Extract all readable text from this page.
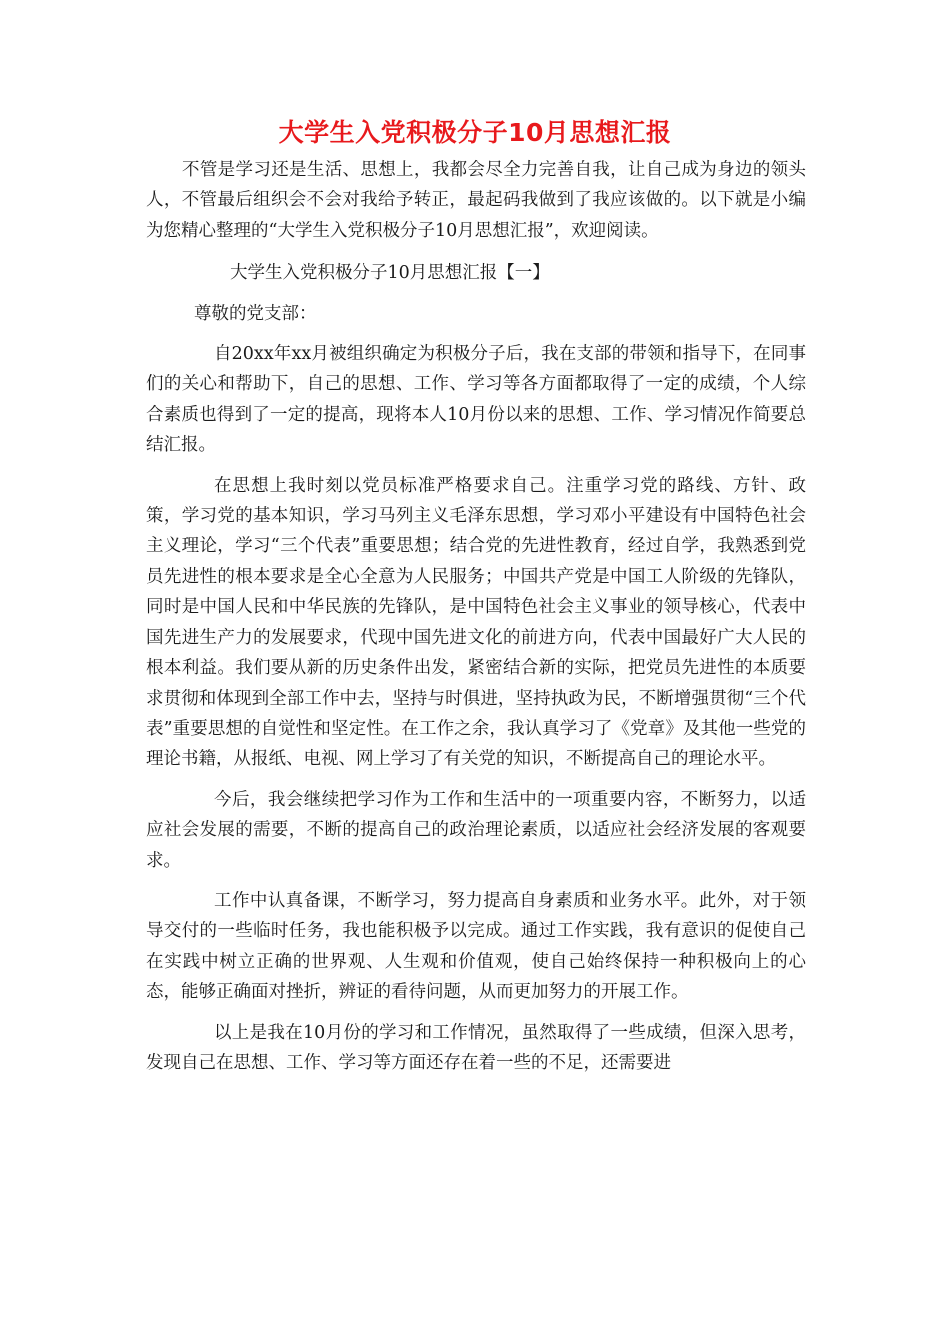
大学生入党积极分子10月思想汇报

不管是学习还是生活、思想上，我都会尽全力完善自我，让自己成为身边的领头人，不管最后组织会不会对我给予转正，最起码我做到了我应该做的。以下就是小编为您精心整理的“大学生入党积极分子10月思想汇报”，欢迎阅读。

大学生入党积极分子10月思想汇报【一】

尊敬的党支部：

自20xx年xx月被组织确定为积极分子后，我在支部的带领和指导下，在同事们的关心和帮助下，自己的思想、工作、学习等各方面都取得了一定的成绩，个人综合素质也得到了一定的提高，现将本人10月份以来的思想、工作、学习情况作简要总结汇报。

在思想上我时刻以党员标准严格要求自己。注重学习党的路线、方针、政策，学习党的基本知识，学习马列主义毛泽东思想，学习邓小平建设有中国特色社会主义理论，学习“三个代表”重要思想；结合党的先进性教育，经过自学，我熟悉到党员先进性的根本要求是全心全意为人民服务；中国共产党是中国工人阶级的先锋队，同时是中国人民和中华民族的先锋队，是中国特色社会主义事业的领导核心，代表中国先进生产力的发展要求，代现中国先进文化的前进方向，代表中国最好广大人民的根本利益。我们要从新的历史条件出发，紧密结合新的实际，把党员先进性的本质要求贯彻和体现到全部工作中去，坚持与时俱进，坚持执政为民，不断增强贯彻“三个代表”重要思想的自觉性和坚定性。在工作之余，我认真学习了《党章》及其他一些党的理论书籍，从报纸、电视、网上学习了有关党的知识，不断提高自己的理论水平。

今后，我会继续把学习作为工作和生活中的一项重要内容，不断努力，以适应社会发展的需要，不断的提高自己的政治理论素质，以适应社会经济发展的客观要求。

工作中认真备课，不断学习，努力提高自身素质和业务水平。此外，对于领导交付的一些临时任务，我也能积极予以完成。通过工作实践，我有意识的促使自己在实践中树立正确的世界观、人生观和价值观，使自己始终保持一种积极向上的心态，能够正确面对挫折，辨证的看待问题，从而更加努力的开展工作。

以上是我在10月份的学习和工作情况，虽然取得了一些成绩，但深入思考，发现自己在思想、工作、学习等方面还存在着一些的不足，还需要进
